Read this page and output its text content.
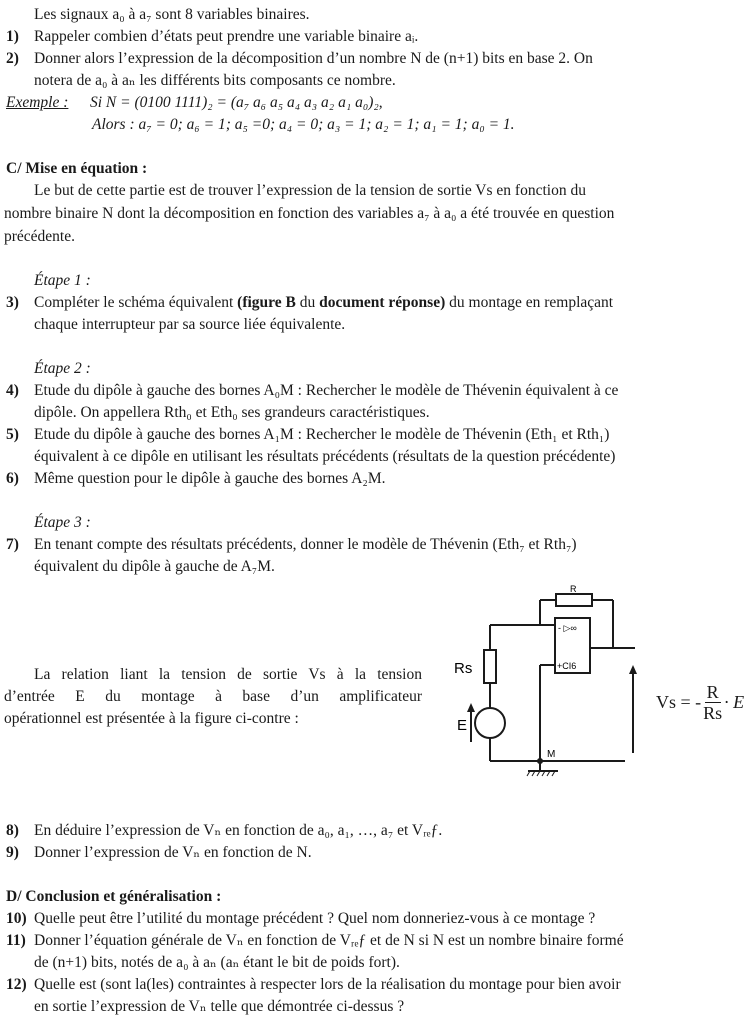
Les signaux a₀ à a₇ sont 8 variables binaires.
1) Rappeler combien d’états peut prendre une variable binaire aᵢ.
2) Donner alors l’expression de la décomposition d’un nombre N de (n+1) bits en base 2. On
notera de a₀ à aₙ les différents bits composants ce nombre.
Exemple : Si N = (0100 1111)₂ = (a₇ a₆ a₅ a₄ a₃ a₂ a₁ a₀)₂,
Alors : a₇ = 0; a₆ = 1; a₅ =0; a₄ = 0; a₃ = 1; a₂ = 1; a₁ = 1; a₀ = 1.
C/ Mise en équation :
Le but de cette partie est de trouver l’expression de la tension de sortie Vs en fonction du
nombre binaire N dont la décomposition en fonction des variables a₇ à a₀ a été trouvée en question
précédente.
Étape 1 :
3) Compléter le schéma équivalent (figure B du document réponse) du montage en remplaçant
chaque interrupteur par sa source liée équivalente.
Étape 2 :
4) Etude du dipôle à gauche des bornes A₀M : Rechercher le modèle de Thévenin équivalent à ce
dipôle. On appellera Rth₀ et Eth₀ ses grandeurs caractéristiques.
5) Etude du dipôle à gauche des bornes A₁M : Rechercher le modèle de Thévenin (Eth₁ et Rth₁)
équivalent à ce dipôle en utilisant les résultats précédents (résultats de la question précédente)
6) Même question pour le dipôle à gauche des bornes A₂M.
Étape 3 :
7) En tenant compte des résultats précédents, donner le modèle de Thévenin (Eth₇ et Rth₇)
équivalent du dipôle à gauche de A₇M.
La relation liant la tension de sortie Vs à la tension
d’entrée E du montage à base d’un amplificateur
opérationnel est présentée à la figure ci-contre :
R
Rs
E
M
- ▷∞
+CI6
Vs = - $\frac{R}{Rs} \cdot E$
8) En déduire l’expression de Vₙ en fonction de a₀, a₁, …, a₇ et Vᵣₑƒ.
9) Donner l’expression de Vₙ en fonction de N.
D/ Conclusion et généralisation :
10) Quelle peut être l’utilité du montage précédent ? Quel nom donneriez-vous à ce montage ?
11) Donner l’équation générale de Vₙ en fonction de Vᵣₑƒ et de N si N est un nombre binaire formé
de (n+1) bits, notés de a₀ à aₙ (aₙ étant le bit de poids fort).
12) Quelle est (sont la(les) contraintes à respecter lors de la réalisation du montage pour bien avoir
en sortie l’expression de Vₙ telle que démontrée ci-dessus ?
